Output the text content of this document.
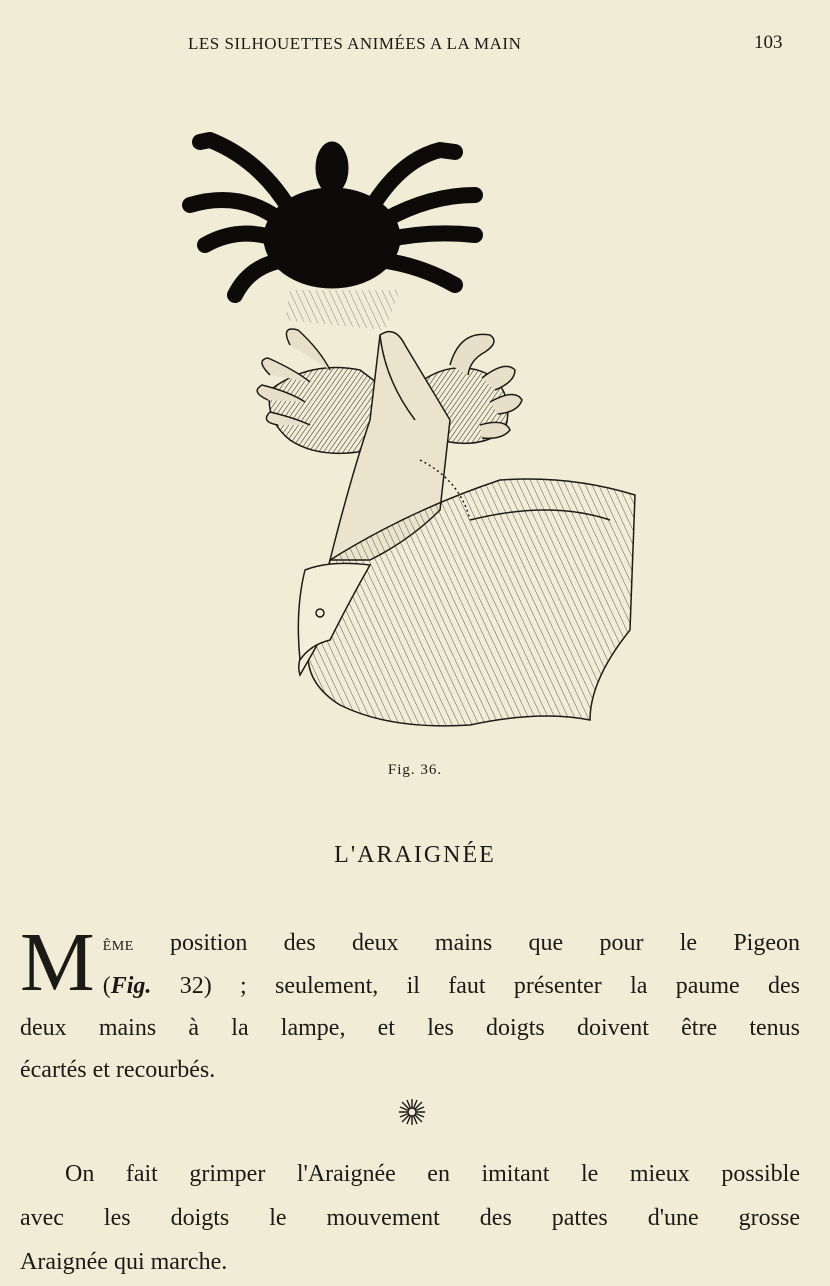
LES SILHOUETTES ANIMÉES A LA MAIN	103
Fig. 36.
L'ARAIGNÉE
M ême position des deux mains que pour le Pigeon
(Fig. 32) ; seulement, il faut présenter la paume des
deux mains à la lampe, et les doigts doivent être tenus
écartés et recourbés.
On fait grimper l'Araignée en imitant le mieux possible
avec les doigts le mouvement des pattes d'une grosse
Araignée qui marche.
